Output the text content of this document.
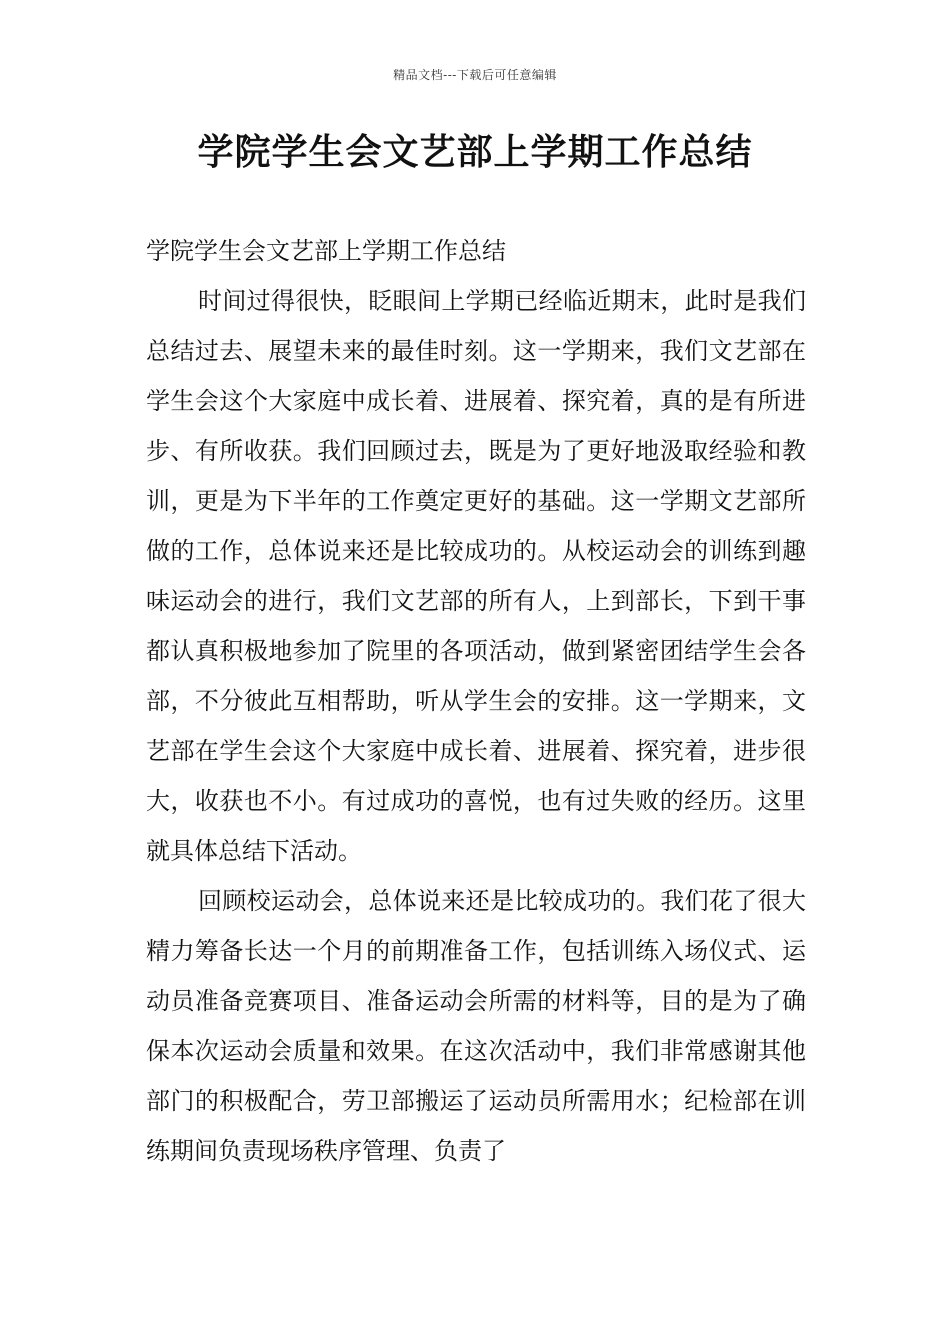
精品文档---下载后可任意编辑
学院学生会文艺部上学期工作总结

学院学生会文艺部上学期工作总结

时间过得很快，眨眼间上学期已经临近期末，此时是我们总结过去、展望未来的最佳时刻。这一学期来，我们文艺部在学生会这个大家庭中成长着、进展着、探究着，真的是有所进步、有所收获。我们回顾过去，既是为了更好地汲取经验和教训，更是为下半年的工作奠定更好的基础。这一学期文艺部所做的工作，总体说来还是比较成功的。从校运动会的训练到趣味运动会的进行，我们文艺部的所有人，上到部长，下到干事都认真积极地参加了院里的各项活动，做到紧密团结学生会各部，不分彼此互相帮助，听从学生会的安排。这一学期来，文艺部在学生会这个大家庭中成长着、进展着、探究着，进步很大，收获也不小。有过成功的喜悦，也有过失败的经历。这里就具体总结下活动。

回顾校运动会，总体说来还是比较成功的。我们花了很大精力筹备长达一个月的前期准备工作，包括训练入场仪式、运动员准备竞赛项目、准备运动会所需的材料等，目的是为了确保本次运动会质量和效果。在这次活动中，我们非常感谢其他部门的积极配合，劳卫部搬运了运动员所需用水；纪检部在训练期间负责现场秩序管理、负责了
